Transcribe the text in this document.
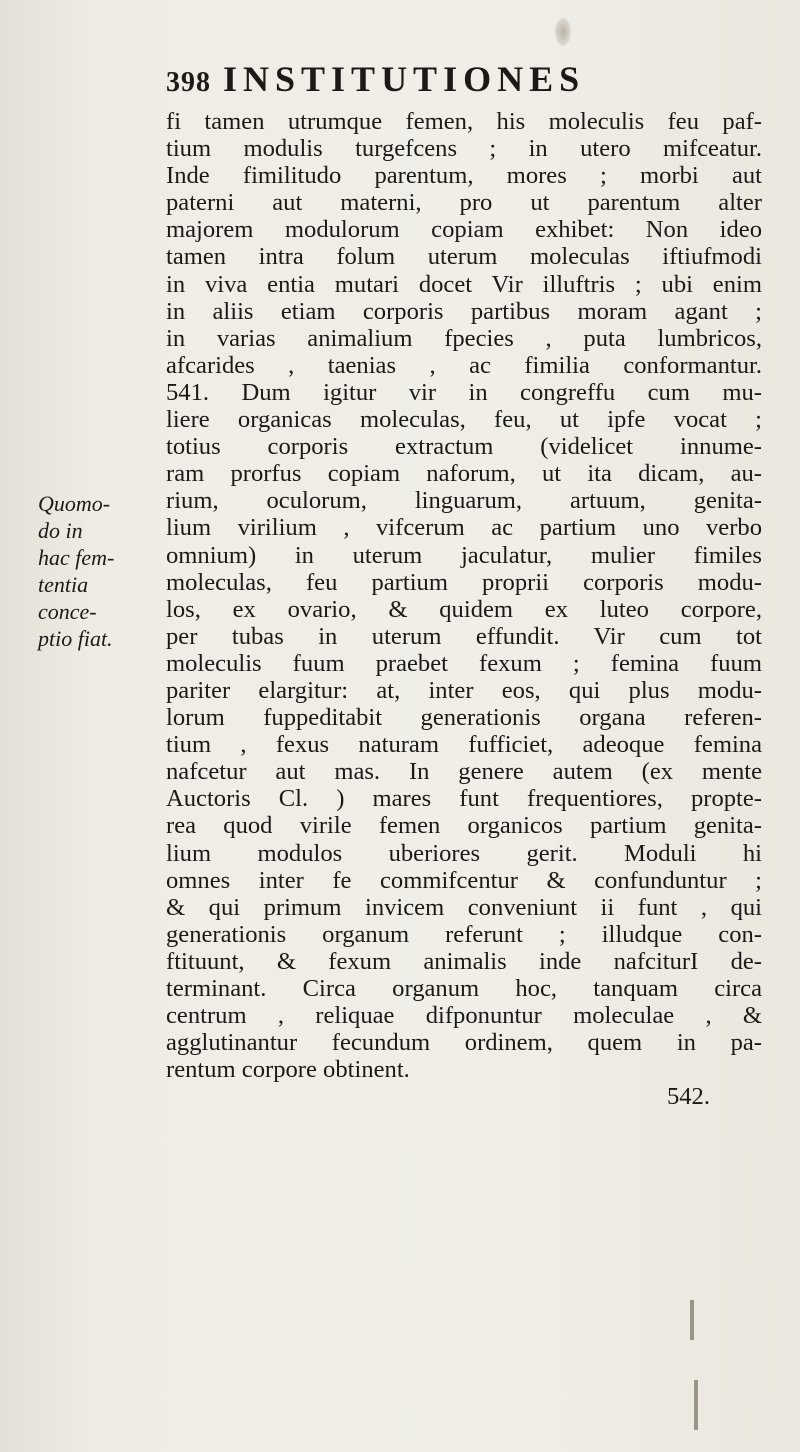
398 INSTITUTIONES
Quomo-
do in
hac fem-
tentia
conce-
ptio fiat.
fi tamen utrumque femen, his moleculis feu paf-
tium modulis turgefcens ; in utero mifceatur.
Inde fimilitudo parentum, mores ; morbi aut
paterni aut materni, pro ut parentum alter
majorem modulorum copiam exhibet: Non ideo
tamen intra folum uterum moleculas iftiufmodi
in viva entia mutari docet Vir illuftris ; ubi enim
in aliis etiam corporis partibus moram agant ;
in varias animalium fpecies , puta lumbricos,
afcarides , taenias , ac fimilia conformantur.
541. Dum igitur vir in congreffu cum mu-
liere organicas moleculas, feu, ut ipfe vocat ;
totius corporis extractum (videlicet innume-
ram prorfus copiam naforum, ut ita dicam, au-
rium, oculorum, linguarum, artuum, genita-
lium virilium , vifcerum ac partium uno verbo
omnium) in uterum jaculatur, mulier fimiles
moleculas, feu partium proprii corporis modu-
los, ex ovario, & quidem ex luteo corpore,
per tubas in uterum effundit. Vir cum tot
moleculis fuum praebet fexum ; femina fuum
pariter elargitur: at, inter eos, qui plus modu-
lorum fuppeditabit generationis organa referen-
tium , fexus naturam fufficiet, adeoque femina
nafcetur aut mas. In genere autem (ex mente
Auctoris Cl. ) mares funt frequentiores, propte-
rea quod virile femen organicos partium genita-
lium modulos uberiores gerit. Moduli hi
omnes inter fe commifcentur & confunduntur ;
& qui primum invicem conveniunt ii funt , qui
generationis organum referunt ; illudque con-
ftituunt, & fexum animalis inde nafciturI de-
terminant. Circa organum hoc, tanquam circa
centrum , reliquae difponuntur moleculae , &
agglutinantur fecundum ordinem, quem in pa-
rentum corpore obtinent.
542.
